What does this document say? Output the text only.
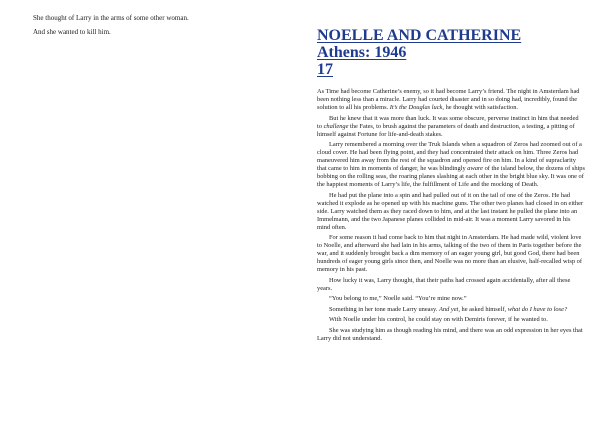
She thought of Larry in the arms of some other woman.

And she wanted to kill him.	NOELLE AND CATHERINE
Athens: 1946
17

As Time had become Catherine’s enemy, so it had become Larry’s friend. The night in Amsterdam had been nothing less than a miracle. Larry had courted disaster and in so doing had, incredibly, found the solution to all his problems. It’s the Douglas luck, he thought with satisfaction.

But he knew that it was more than luck. It was some obscure, perverse instinct in him that needed to challenge the Fates, to brush against the parameters of death and destruction, a testing, a pitting of himself against Fortune for life-and-death stakes.

Larry remembered a morning over the Truk Islands when a squadron of Zeros had zoomed out of a cloud cover. He had been flying point, and they had concentrated their attack on him. Three Zeros had maneuvered him away from the rest of the squadron and opened fire on him. In a kind of supraclarity that came to him in moments of danger, he was blindingly aware of the island below, the dozens of ships bobbing on the rolling seas, the roaring planes slashing at each other in the bright blue sky. It was one of the happiest moments of Larry’s life, the fulfillment of Life and the mocking of Death.

He had put the plane into a spin and had pulled out of it on the tail of one of the Zeros. He had watched it explode as he opened up with his machine guns. The other two planes had closed in on either side. Larry watched them as they raced down to him, and at the last instant he pulled the plane into an Immelmann, and the two Japanese planes collided in mid-air. It was a moment Larry savored in his mind often.

For some reason it had come back to him that night in Amsterdam. He had made wild, violent love to Noelle, and afterward she had lain in his arms, talking of the two of them in Paris together before the war, and it suddenly brought back a dim memory of an eager young girl, but good God, there had been hundreds of eager young girls since then, and Noelle was no more than an elusive, half-recalled wisp of memory in his past.

How lucky it was, Larry thought, that their paths had crossed again accidentally, after all these years.

“You belong to me,” Noelle said. “You’re mine now.”

Something in her tone made Larry uneasy. And yet, he asked himself, what do I have to lose?

With Noelle under his control, he could stay on with Demiris forever, if he wanted to.

She was studying him as though reading his mind, and there was an odd expression in her eyes that Larry did not understand.
